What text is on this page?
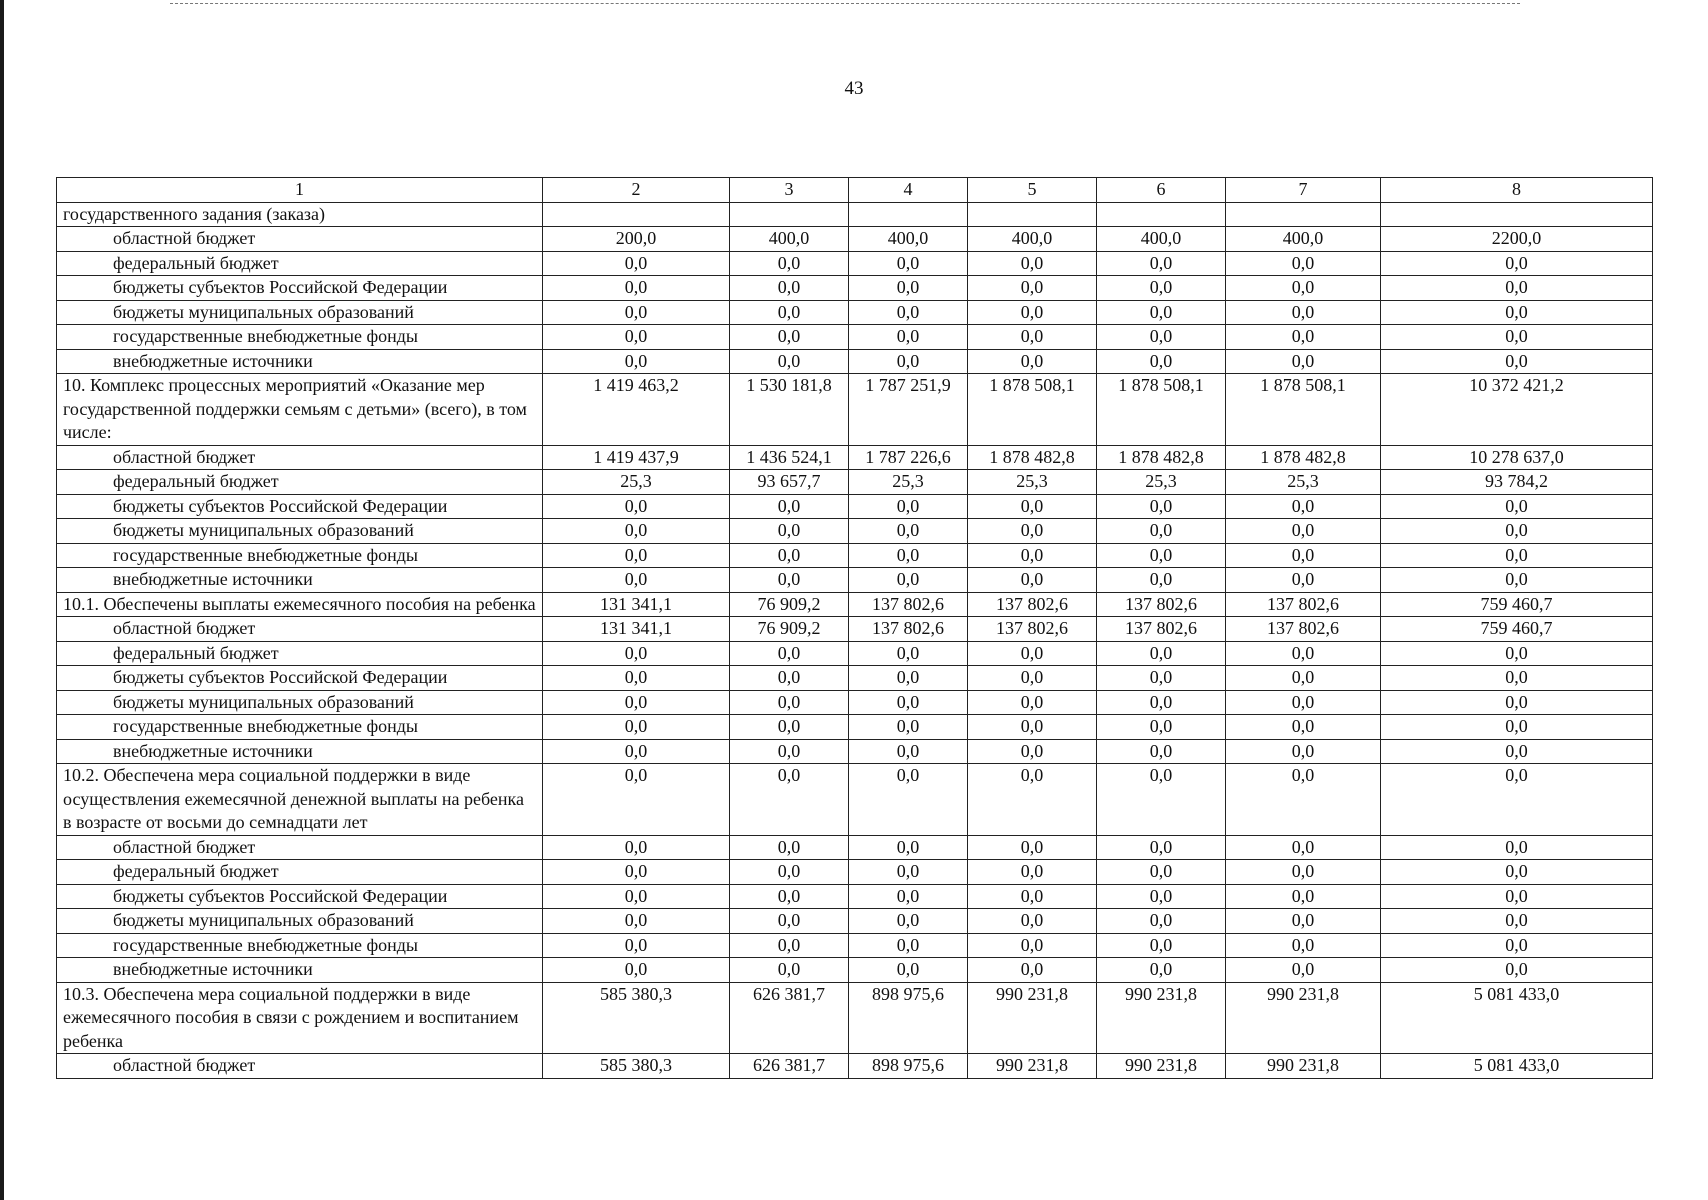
43
1	2	3	4	5	6	7	8
государственного задания (заказа)							
областной бюджет	200,0	400,0	400,0	400,0	400,0	400,0	2200,0
федеральный бюджет	0,0	0,0	0,0	0,0	0,0	0,0	0,0
бюджеты субъектов Российской Федерации	0,0	0,0	0,0	0,0	0,0	0,0	0,0
бюджеты муниципальных образований	0,0	0,0	0,0	0,0	0,0	0,0	0,0
государственные внебюджетные фонды	0,0	0,0	0,0	0,0	0,0	0,0	0,0
внебюджетные источники	0,0	0,0	0,0	0,0	0,0	0,0	0,0
10. Комплекс процессных мероприятий «Оказание мер государственной поддержки семьям с детьми» (всего), в том числе:	1 419 463,2	1 530 181,8	1 787 251,9	1 878 508,1	1 878 508,1	1 878 508,1	10 372 421,2
областной бюджет	1 419 437,9	1 436 524,1	1 787 226,6	1 878 482,8	1 878 482,8	1 878 482,8	10 278 637,0
федеральный бюджет	25,3	93 657,7	25,3	25,3	25,3	25,3	93 784,2
бюджеты субъектов Российской Федерации	0,0	0,0	0,0	0,0	0,0	0,0	0,0
бюджеты муниципальных образований	0,0	0,0	0,0	0,0	0,0	0,0	0,0
государственные внебюджетные фонды	0,0	0,0	0,0	0,0	0,0	0,0	0,0
внебюджетные источники	0,0	0,0	0,0	0,0	0,0	0,0	0,0
10.1. Обеспечены выплаты ежемесячного пособия на ребенка	131 341,1	76 909,2	137 802,6	137 802,6	137 802,6	137 802,6	759 460,7
областной бюджет	131 341,1	76 909,2	137 802,6	137 802,6	137 802,6	137 802,6	759 460,7
федеральный бюджет	0,0	0,0	0,0	0,0	0,0	0,0	0,0
бюджеты субъектов Российской Федерации	0,0	0,0	0,0	0,0	0,0	0,0	0,0
бюджеты муниципальных образований	0,0	0,0	0,0	0,0	0,0	0,0	0,0
государственные внебюджетные фонды	0,0	0,0	0,0	0,0	0,0	0,0	0,0
внебюджетные источники	0,0	0,0	0,0	0,0	0,0	0,0	0,0
10.2. Обеспечена мера социальной поддержки в виде осуществления ежемесячной денежной выплаты на ребенка в возрасте от восьми до семнадцати лет	0,0	0,0	0,0	0,0	0,0	0,0	0,0
областной бюджет	0,0	0,0	0,0	0,0	0,0	0,0	0,0
федеральный бюджет	0,0	0,0	0,0	0,0	0,0	0,0	0,0
бюджеты субъектов Российской Федерации	0,0	0,0	0,0	0,0	0,0	0,0	0,0
бюджеты муниципальных образований	0,0	0,0	0,0	0,0	0,0	0,0	0,0
государственные внебюджетные фонды	0,0	0,0	0,0	0,0	0,0	0,0	0,0
внебюджетные источники	0,0	0,0	0,0	0,0	0,0	0,0	0,0
10.3. Обеспечена мера социальной поддержки в виде ежемесячного пособия в связи с рождением и воспитанием ребенка	585 380,3	626 381,7	898 975,6	990 231,8	990 231,8	990 231,8	5 081 433,0
областной бюджет	585 380,3	626 381,7	898 975,6	990 231,8	990 231,8	990 231,8	5 081 433,0
